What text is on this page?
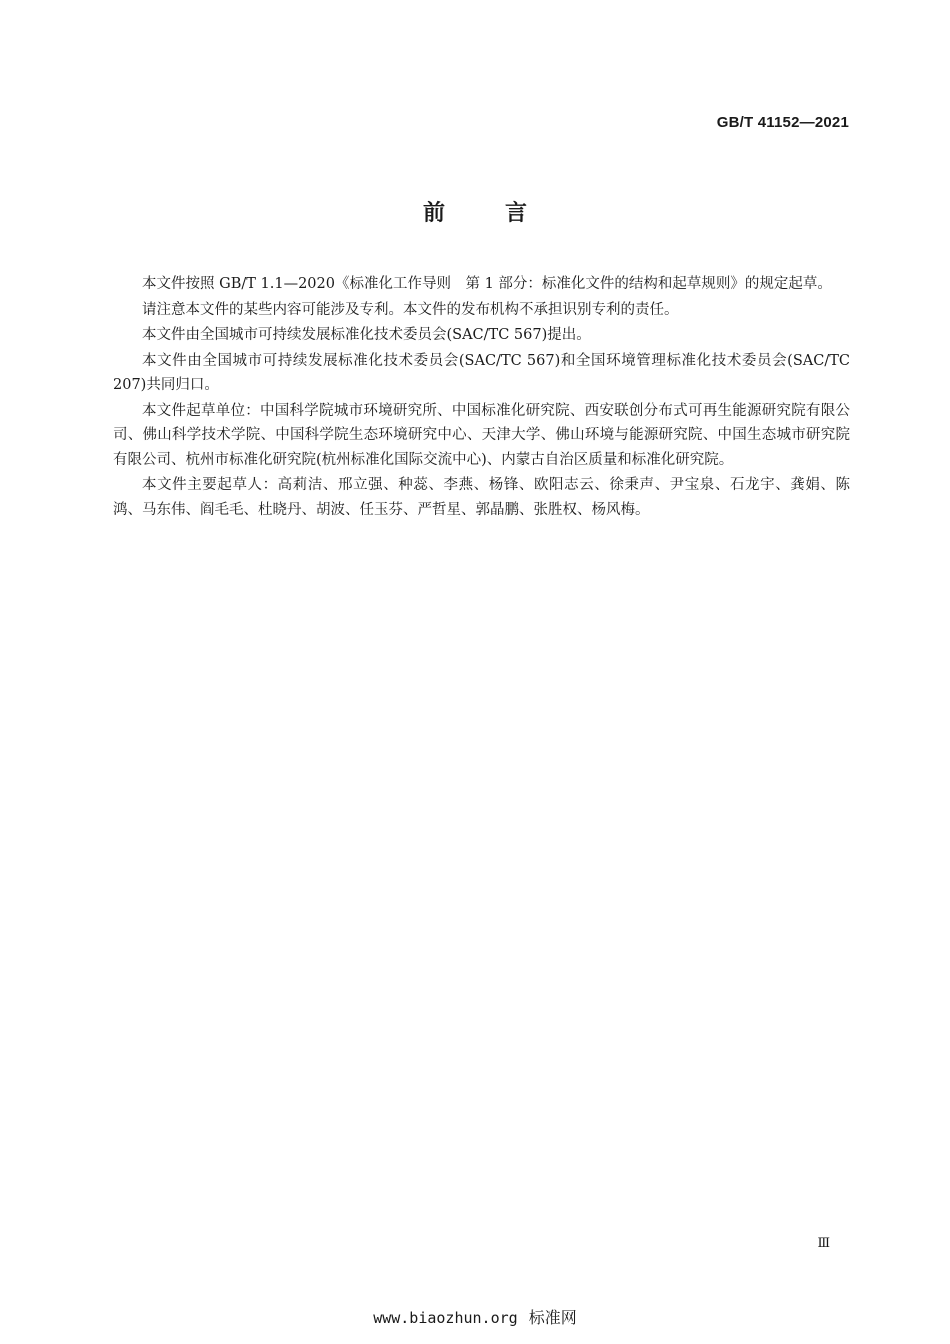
GB/T 41152—2021
前言

本文件按照 GB/T 1.1—2020《标准化工作导则　第 1 部分：标准化文件的结构和起草规则》的规定起草。

请注意本文件的某些内容可能涉及专利。本文件的发布机构不承担识别专利的责任。

本文件由全国城市可持续发展标准化技术委员会(SAC/TC 567)提出。

本文件由全国城市可持续发展标准化技术委员会(SAC/TC 567)和全国环境管理标准化技术委员会(SAC/TC 207)共同归口。

本文件起草单位：中国科学院城市环境研究所、中国标准化研究院、西安联创分布式可再生能源研究院有限公司、佛山科学技术学院、中国科学院生态环境研究中心、天津大学、佛山环境与能源研究院、中国生态城市研究院有限公司、杭州市标准化研究院(杭州标准化国际交流中心)、内蒙古自治区质量和标准化研究院。

本文件主要起草人：高莉洁、邢立强、种蕊、李燕、杨锋、欧阳志云、徐秉声、尹宝泉、石龙宇、龚娟、陈鸿、马东伟、阎毛毛、杜晓丹、胡波、任玉芬、严哲星、郭晶鹏、张胜权、杨风梅。

Ⅲ
www.biaozhun.org 标准网
